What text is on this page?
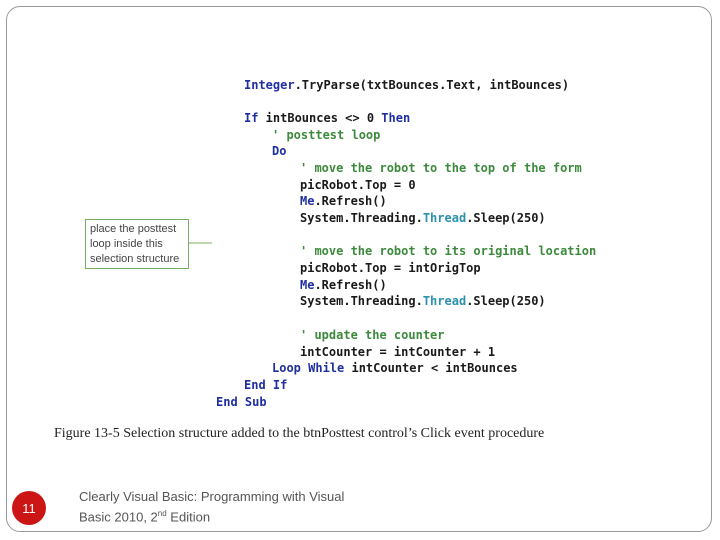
Integer.TryParse(txtBounces.Text, intBounces)
If intBounces <> 0 Then
' posttest loop
Do
' move the robot to the top of the form
picRobot.Top = 0
Me.Refresh()
System.Threading.Thread.Sleep(250)
' move the robot to its original location
picRobot.Top = intOrigTop
Me.Refresh()
System.Threading.Thread.Sleep(250)
' update the counter
intCounter = intCounter + 1
Loop While intCounter < intBounces
End If
End Sub
place the posttest
loop inside this
selection structure
Figure 13-5 Selection structure added to the btnPosttest control’s Click event procedure
11
Clearly Visual Basic: Programming with Visual
Basic 2010, 2nd Edition
